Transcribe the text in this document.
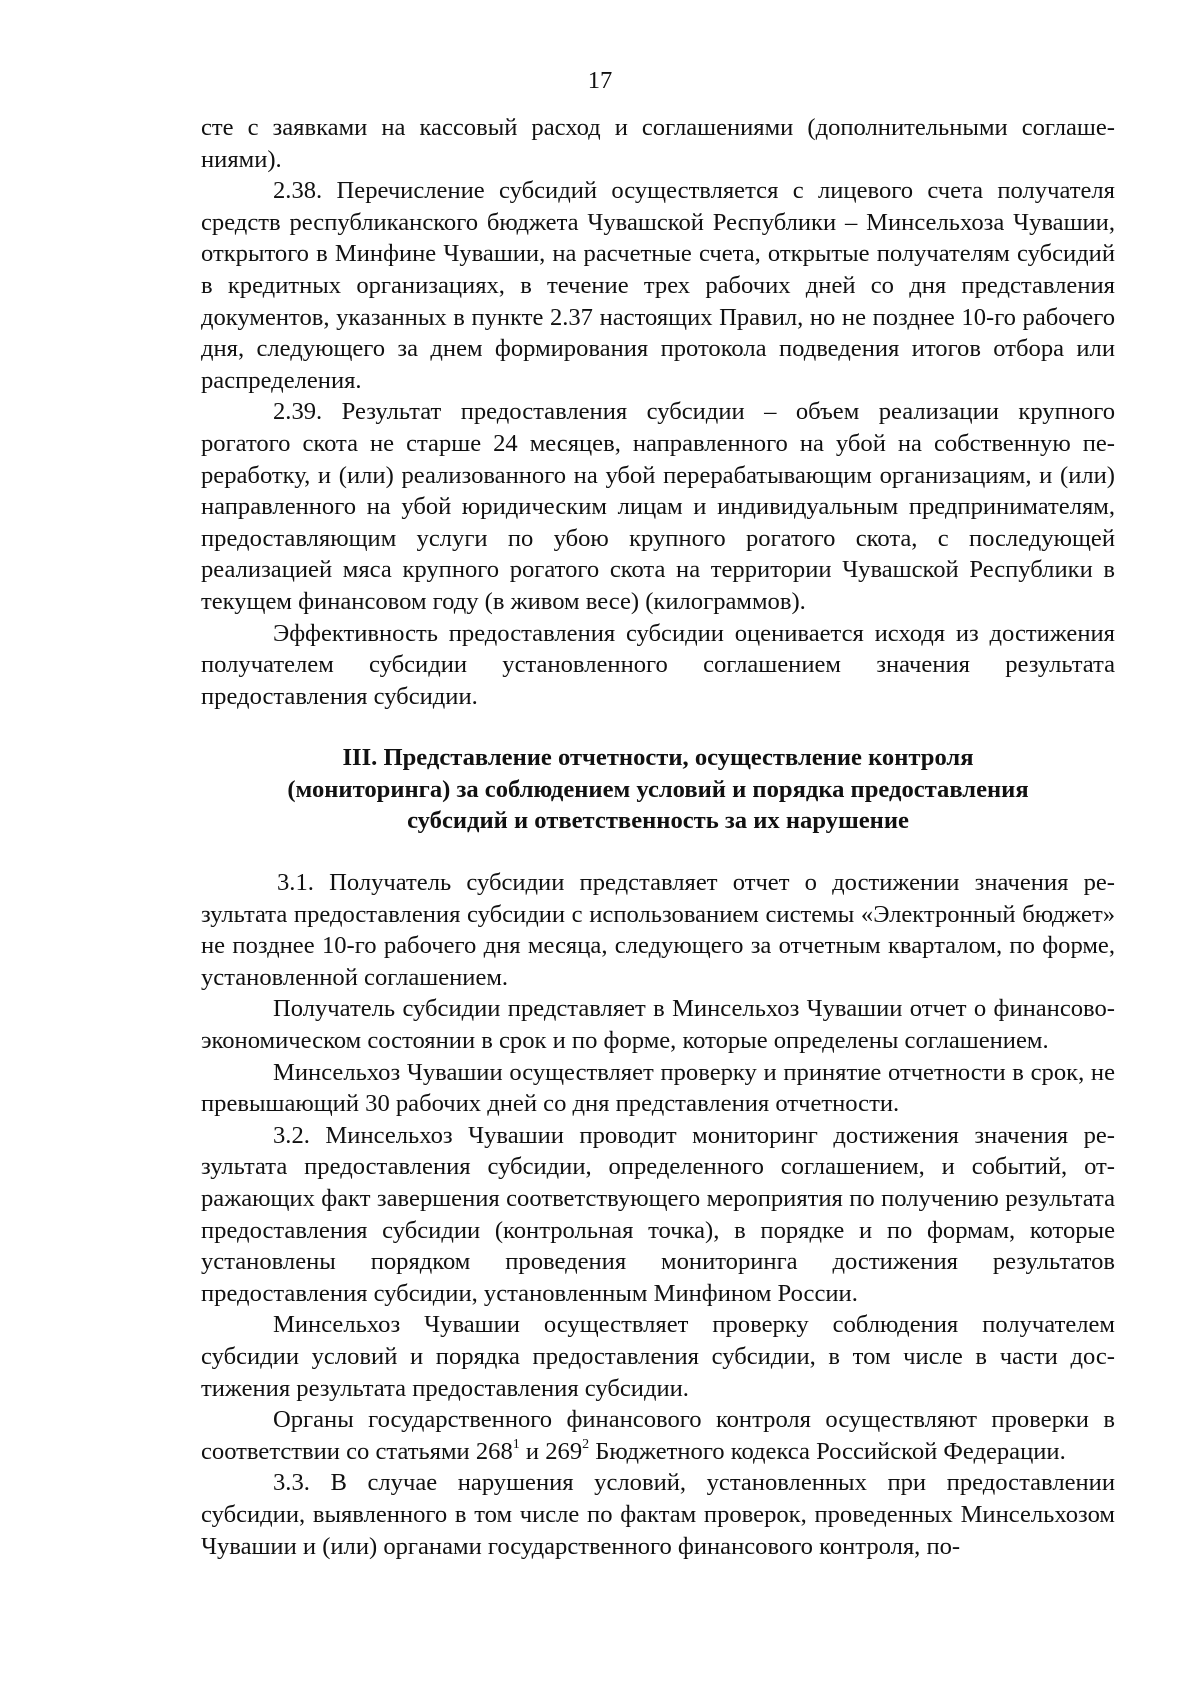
17

сте с заявками на кассовый расход и соглашениями (дополнительными соглашениями).

2.38. Перечисление субсидий осуществляется с лицевого счета получателя средств республиканского бюджета Чувашской Республики – Минсельхоза Чувашии, открытого в Минфине Чувашии, на расчетные счета, открытые получателям субсидий в кредитных организациях, в течение трех рабочих дней со дня представления документов, указанных в пункте 2.37 настоящих Правил, но не позднее 10-го рабочего дня, следующего за днем формирования протокола подведения итогов отбора или распределения.

2.39. Результат предоставления субсидии – объем реализации крупного рогатого скота не старше 24 месяцев, направленного на убой на собственную переработку, и (или) реализованного на убой перерабатывающим организациям, и (или) направленного на убой юридическим лицам и индивидуальным предпринимателям, предоставляющим услуги по убою крупного рогатого скота, с последующей реализацией мяса крупного рогатого скота на территории Чувашской Республики в текущем финансовом году (в живом весе) (килограммов).

Эффективность предоставления субсидии оценивается исходя из достижения получателем субсидии установленного соглашением значения результата предоставления субсидии.

III. Представление отчетности, осуществление контроля
(мониторинга) за соблюдением условий и порядка предоставления
субсидий и ответственность за их нарушение

3.1. Получатель субсидии представляет отчет о достижении значения результата предоставления субсидии с использованием системы «Электронный бюджет» не позднее 10-го рабочего дня месяца, следующего за отчетным кварталом, по форме, установленной соглашением.

Получатель субсидии представляет в Минсельхоз Чувашии отчет о финансово-экономическом состоянии в срок и по форме, которые определены соглашением.

Минсельхоз Чувашии осуществляет проверку и принятие отчетности в срок, не превышающий 30 рабочих дней со дня представления отчетности.

3.2. Минсельхоз Чувашии проводит мониторинг достижения значения результата предоставления субсидии, определенного соглашением, и событий, отражающих факт завершения соответствующего мероприятия по получению результата предоставления субсидии (контрольная точка), в порядке и по формам, которые установлены порядком проведения мониторинга достижения результатов предоставления субсидии, установленным Минфином России.

Минсельхоз Чувашии осуществляет проверку соблюдения получателем субсидии условий и порядка предоставления субсидии, в том числе в части достижения результата предоставления субсидии.

Органы государственного финансового контроля осуществляют проверки в соответствии со статьями $268^1$ и $269^2$ Бюджетного кодекса Российской Федерации.

3.3. В случае нарушения условий, установленных при предоставлении субсидии, выявленного в том числе по фактам проверок, проведенных Минсельхозом Чувашии и (или) органами государственного финансового контроля, по-
